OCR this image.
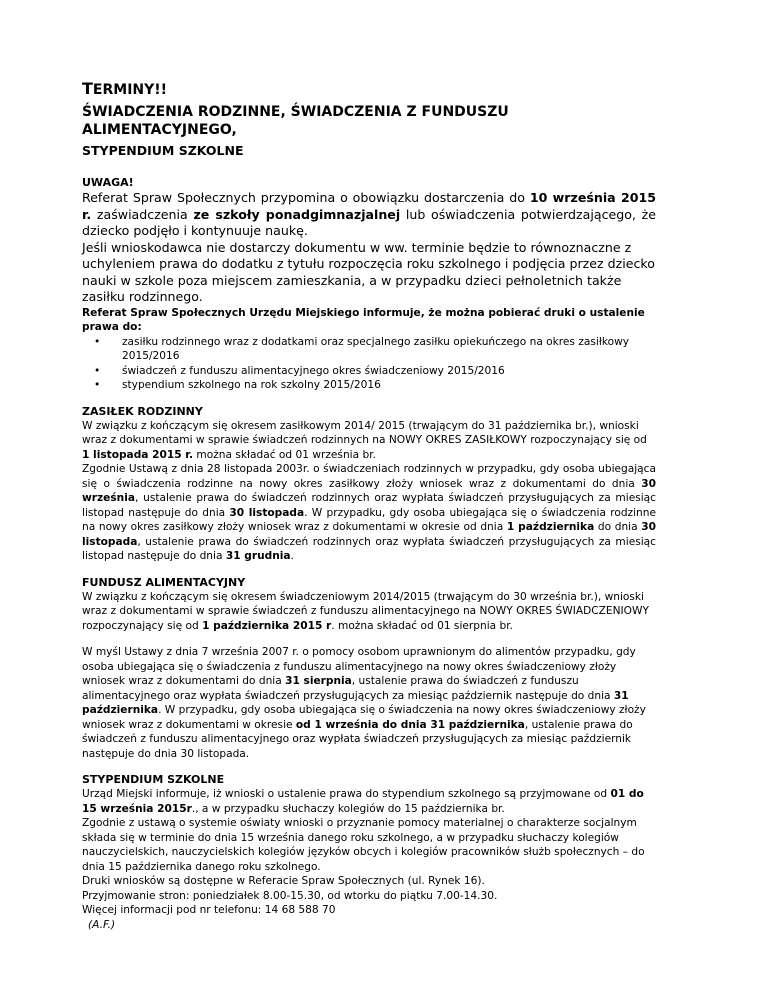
TERMINY!!

ŚWIADCZENIA RODZINNE, ŚWIADCZENIA Z FUNDUSZU ALIMENTACYJNEGO,

STYPENDIUM SZKOLNE

UWAGA!

Referat Spraw Społecznych przypomina o obowiązku dostarczenia do 10 września 2015 r. zaświadczenia ze szkoły ponadgimnazjalnej lub oświadczenia potwierdzającego, że dziecko podjęło i kontynuuje naukę.

Jeśli wnioskodawca nie dostarczy dokumentu w ww. terminie będzie to równoznaczne z uchyleniem prawa do dodatku z tytułu rozpoczęcia roku szkolnego i podjęcia przez dziecko nauki w szkole poza miejscem zamieszkania, a w przypadku dzieci pełnoletnich także zasiłku rodzinnego.

Referat Spraw Społecznych Urzędu Miejskiego informuje, że można pobierać druki o ustalenie prawa do:

• zasiłku rodzinnego wraz z dodatkami oraz specjalnego zasiłku opiekuńczego na okres zasiłkowy 2015/2016
• świadczeń z funduszu alimentacyjnego okres świadczeniowy 2015/2016
• stypendium szkolnego na rok szkolny 2015/2016

ZASIŁEK RODZINNY

W związku z kończącym się okresem zasiłkowym 2014/ 2015 (trwającym do 31 października br.), wnioski wraz z dokumentami w sprawie świadczeń rodzinnych na NOWY OKRES ZASIŁKOWY rozpoczynający się od 1 listopada 2015 r. można składać od 01 września br.

Zgodnie Ustawą z dnia 28 listopada 2003r. o świadczeniach rodzinnych w przypadku, gdy osoba ubiegająca się o świadczenia rodzinne na nowy okres zasiłkowy złoży wniosek wraz z dokumentami do dnia 30 września, ustalenie prawa do świadczeń rodzinnych oraz wypłata świadczeń przysługujących za miesiąc listopad następuje do dnia 30 listopada. W przypadku, gdy osoba ubiegająca się o świadczenia rodzinne na nowy okres zasiłkowy złoży wniosek wraz z dokumentami w okresie od dnia 1 października do dnia 30 listopada, ustalenie prawa do świadczeń rodzinnych oraz wypłata świadczeń przysługujących za miesiąc listopad następuje do dnia 31 grudnia.

FUNDUSZ ALIMENTACYJNY

W związku z kończącym się okresem świadczeniowym 2014/2015 (trwającym do 30 września br.), wnioski wraz z dokumentami w sprawie świadczeń z funduszu alimentacyjnego na NOWY OKRES ŚWIADCZENIOWY rozpoczynający się od 1 października 2015 r. można składać od 01 sierpnia br.

W myśl Ustawy z dnia 7 września 2007 r. o pomocy osobom uprawnionym do alimentów przypadku, gdy osoba ubiegająca się o świadczenia z funduszu alimentacyjnego na nowy okres świadczeniowy złoży wniosek wraz z dokumentami do dnia 31 sierpnia, ustalenie prawa do świadczeń z funduszu alimentacyjnego oraz wypłata świadczeń przysługujących za miesiąc październik następuje do dnia 31 października. W przypadku, gdy osoba ubiegająca się o świadczenia na nowy okres świadczeniowy złoży wniosek wraz z dokumentami w okresie od 1 września do dnia 31 października, ustalenie prawa do świadczeń z funduszu alimentacyjnego oraz wypłata świadczeń przysługujących za miesiąc październik następuje do dnia 30 listopada.

STYPENDIUM SZKOLNE

Urząd Miejski informuje, iż wnioski o ustalenie prawa do stypendium szkolnego są przyjmowane od 01 do 15 września 2015r., a w przypadku słuchaczy kolegiów do 15 października br.

Zgodnie z ustawą o systemie oświaty wnioski o przyznanie pomocy materialnej o charakterze socjalnym składa się w terminie do dnia 15 września danego roku szkolnego, a w przypadku słuchaczy kolegiów nauczycielskich, nauczycielskich kolegiów języków obcych i kolegiów pracowników służb społecznych – do dnia 15 października danego roku szkolnego.

Druki wniosków są dostępne w Referacie Spraw Społecznych (ul. Rynek 16).

Przyjmowanie stron: poniedziałek 8.00-15.30, od wtorku do piątku 7.00-14.30.

Więcej informacji pod nr telefonu: 14 68 588 70

(A.F.)
